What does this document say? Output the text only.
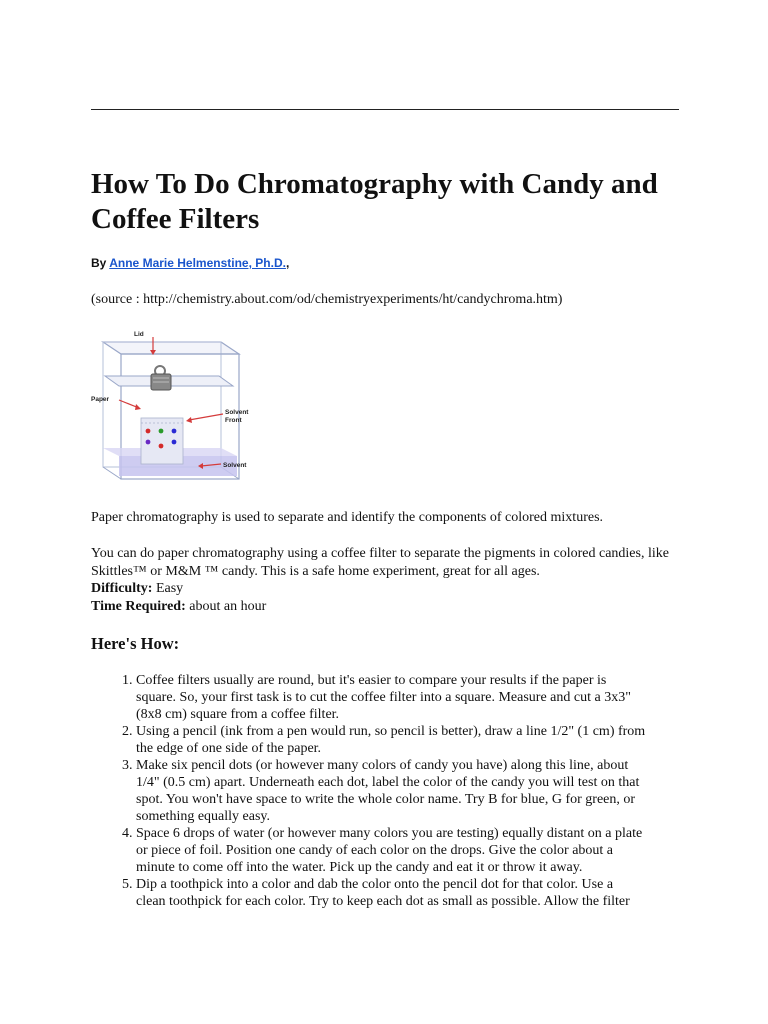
How To Do Chromatography with Candy and Coffee Filters
By Anne Marie Helmenstine, Ph.D.,
(source : http://chemistry.about.com/od/chemistryexperiments/ht/candychroma.htm)
Lid
Paper
Solvent Front
Solvent
Paper chromatography is used to separate and identify the components of colored mixtures.

You can do paper chromatography using a coffee filter to separate the pigments in colored candies, like Skittles™ or M&M ™ candy. This is a safe home experiment, great for all ages.

Difficulty: Easy

Time Required: about an hour

Here's How:
1. Coffee filters usually are round, but it's easier to compare your results if the paper is square. So, your first task is to cut the coffee filter into a square. Measure and cut a 3x3" (8x8 cm) square from a coffee filter.
2. Using a pencil (ink from a pen would run, so pencil is better), draw a line 1/2" (1 cm) from the edge of one side of the paper.
3. Make six pencil dots (or however many colors of candy you have) along this line, about 1/4" (0.5 cm) apart. Underneath each dot, label the color of the candy you will test on that spot. You won't have space to write the whole color name. Try B for blue, G for green, or something equally easy.
4. Space 6 drops of water (or however many colors you are testing) equally distant on a plate or piece of foil. Position one candy of each color on the drops. Give the color about a minute to come off into the water. Pick up the candy and eat it or throw it away.
5. Dip a toothpick into a color and dab the color onto the pencil dot for that color. Use a clean toothpick for each color. Try to keep each dot as small as possible. Allow the filter
